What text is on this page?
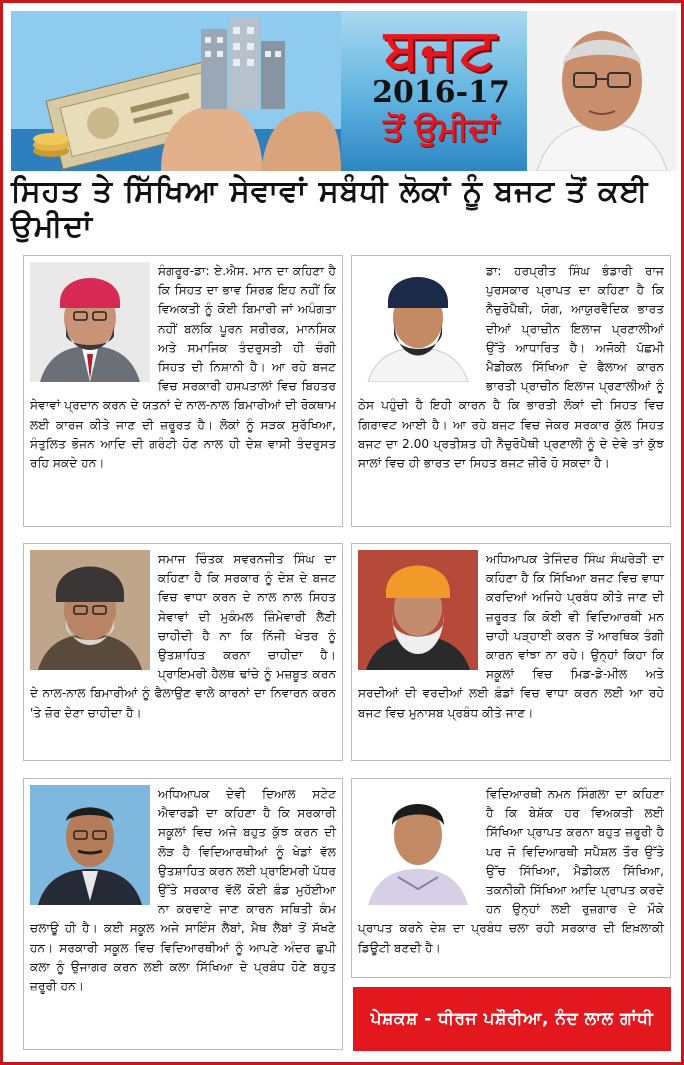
ਬਜਟ
2016-17
ਤੋਂ ਉਮੀਦਾਂ
ਸਿਹਤ ਤੇ ਸਿੱਖਿਆ ਸੇਵਾਵਾਂ ਸਬੰਧੀ ਲੋਕਾਂ ਨੂੰ ਬਜਟ ਤੋਂ ਕਈ ਉਮੀਦਾਂ
ਸੰਗਰੂਰ-ਡਾ: ਏ.ਐਸ. ਮਾਨ ਦਾ ਕਹਿਣਾ ਹੈ ਕਿ ਸਿਹਤ ਦਾ ਭਾਵ ਸਿਰਫ਼ ਇਹ ਨਹੀਂ ਕਿ ਵਿਅਕਤੀ ਨੂੰ ਕੋਈ ਬਿਮਾਰੀ ਜਾਂ ਅਪੰਗਤਾ ਨਹੀਂ ਬਲਕਿ ਪੂਰਨ ਸਰੀਰਕ, ਮਾਨਸਿਕ ਅਤੇ ਸਮਾਜਿਕ ਤੰਦਰੁਸਤੀ ਹੀ ਚੰਗੀ ਸਿਹਤ ਦੀ ਨਿਸ਼ਾਨੀ ਹੈ। ਆ ਰਹੇ ਬਜਟ ਵਿਚ ਸਰਕਾਰੀ ਹਸਪਤਾਲਾਂ ਵਿਚ ਬਿਹਤਰ ਸੇਵਾਵਾਂ ਪ੍ਰਦਾਨ ਕਰਨ ਦੇ ਯਤਨਾਂ ਦੇ ਨਾਲ-ਨਾਲ ਬਿਮਾਰੀਆਂ ਦੀ ਰੋਕਥਾਮ ਲਈ ਕਾਰਜ ਕੀਤੇ ਜਾਣ ਦੀ ਜ਼ਰੂਰਤ ਹੈ। ਲੋਕਾਂ ਨੂੰ ਸੜਕ ਸੁਰੱਖਿਆ, ਸੰਤੁਲਿਤ ਭੋਜਨ ਆਦਿ ਦੀ ਗਰੰਟੀ ਹੋਣ ਨਾਲ ਹੀ ਦੇਸ਼ ਵਾਸੀ ਤੰਦਰੁਸਤ ਰਹਿ ਸਕਦੇ ਹਨ।
ਡਾ: ਹਰਪ੍ਰੀਤ ਸਿੰਘ ਭੰਡਾਰੀ ਰਾਜ ਪੁਰਸਕਾਰ ਪ੍ਰਾਪਤ ਦਾ ਕਹਿਣਾ ਹੈ ਕਿ ਨੈਚੁਰੋਪੈਥੀ, ਯੋਗ, ਆਯੁਰਵੈਦਿਕ ਭਾਰਤ ਦੀਆਂ ਪ੍ਰਾਚੀਨ ਇਲਾਜ ਪ੍ਰਣਾਲੀਆਂ ਉੱਤੇ ਆਧਾਰਿਤ ਹੈ। ਅਜੋਕੀ ਪੱਛਮੀ ਮੈਡੀਕਲ ਸਿੱਖਿਆ ਦੇ ਫੈਲਾਅ ਕਾਰਨ ਭਾਰਤੀ ਪ੍ਰਾਚੀਨ ਇਲਾਜ ਪ੍ਰਣਾਲੀਆਂ ਨੂੰ ਠੇਸ ਪਹੁੰਚੀ ਹੈ ਇਹੀ ਕਾਰਨ ਹੈ ਕਿ ਭਾਰਤੀ ਲੋਕਾਂ ਦੀ ਸਿਹਤ ਵਿਚ ਗਿਰਾਵਟ ਆਈ ਹੈ। ਆ ਰਹੇ ਬਜਟ ਵਿਚ ਜੇਕਰ ਸਰਕਾਰ ਕੁੱਲ ਸਿਹਤ ਬਜਟ ਦਾ 2.00 ਪ੍ਰਤੀਸ਼ਤ ਹੀ ਨੈਚੁਰੋਪੈਥੀ ਪ੍ਰਣਾਲੀ ਨੂੰ ਦੇ ਦੇਵੇ ਤਾਂ ਕੁੱਝ ਸਾਲਾਂ ਵਿਚ ਹੀ ਭਾਰਤ ਦਾ ਸਿਹਤ ਬਜਟ ਜ਼ੀਰੋ ਹੋ ਸਕਦਾ ਹੈ।
ਸਮਾਜ ਚਿੰਤਕ ਸਵਰਨਜੀਤ ਸਿੰਘ ਦਾ ਕਹਿਣਾ ਹੈ ਕਿ ਸਰਕਾਰ ਨੂੰ ਦੇਸ਼ ਦੇ ਬਜਟ ਵਿਚ ਵਾਧਾ ਕਰਨ ਦੇ ਨਾਲ ਨਾਲ ਸਿਹਤ ਸੇਵਾਵਾਂ ਦੀ ਮੁਕੰਮਲ ਜ਼ਿੰਮੇਵਾਰੀ ਲੈਣੀ ਚਾਹੀਦੀ ਹੈ ਨਾ ਕਿ ਨਿੱਜੀ ਖੇਤਰ ਨੂੰ ਉਤਸ਼ਾਹਿਤ ਕਰਨਾ ਚਾਹੀਦਾ ਹੈ। ਪ੍ਰਾਇਮਰੀ ਹੈਲਥ ਢਾਂਚੇ ਨੂੰ ਮਜ਼ਬੂਤ ਕਰਨ ਦੇ ਨਾਲ-ਨਾਲ ਬਿਮਾਰੀਆਂ ਨੂੰ ਫੈਲਾਉਣ ਵਾਲੇ ਕਾਰਨਾਂ ਦਾ ਨਿਵਾਰਨ ਕਰਨ 'ਤੇ ਜ਼ੋਰ ਦੇਣਾ ਚਾਹੀਦਾ ਹੈ।
ਅਧਿਆਪਕ ਤੇਜਿੰਦਰ ਸਿੰਘ ਸੰਘਰੇੜੀ ਦਾ ਕਹਿਣਾ ਹੈ ਕਿ ਸਿੱਖਿਆ ਬਜਟ ਵਿਚ ਵਾਧਾ ਕਰਦਿਆਂ ਅਜਿਹੇ ਪ੍ਰਬੰਧ ਕੀਤੇ ਜਾਣ ਦੀ ਜ਼ਰੂਰਤ ਕਿ ਕੋਈ ਵੀ ਵਿਦਿਆਰਥੀ ਮਨ ਚਾਹੀ ਪੜ੍ਹਾਈ ਕਰਨ ਤੋਂ ਆਰਥਿਕ ਤੰਗੀ ਕਾਰਨ ਵਾਂਝਾ ਨਾ ਰਹੇ। ਉਨ੍ਹਾਂ ਕਿਹਾ ਕਿ ਸਕੂਲਾਂ ਵਿਚ ਮਿਡ-ਡੇ-ਮੀਲ ਅਤੇ ਸਰਦੀਆਂ ਦੀ ਵਰਦੀਆਂ ਲਈ ਫ਼ੰਡਾਂ ਵਿਚ ਵਾਧਾ ਕਰਨ ਲਈ ਆ ਰਹੇ ਬਜਟ ਵਿਚ ਮੁਨਾਸਬ ਪ੍ਰਬੰਧ ਕੀਤੇ ਜਾਣ।
ਅਧਿਆਪਕ ਦੇਵੀ ਦਿਆਲ ਸਟੇਟ ਐਵਾਰਡੀ ਦਾ ਕਹਿਣਾ ਹੈ ਕਿ ਸਰਕਾਰੀ ਸਕੂਲਾਂ ਵਿਚ ਅਜੇ ਬਹੁਤ ਕੁੱਝ ਕਰਨ ਦੀ ਲੋੜ ਹੈ ਵਿਦਿਆਰਥੀਆਂ ਨੂੰ ਖੇਡਾਂ ਵੱਲ ਉਤਸ਼ਾਹਿਤ ਕਰਨ ਲਈ ਪ੍ਰਾਇਮਰੀ ਪੱਧਰ ਉੱਤੇ ਸਰਕਾਰ ਵੱਲੋਂ ਕੋਈ ਫ਼ੰਡ ਮੁਹੱਈਆ ਨਾ ਕਰਵਾਏ ਜਾਣ ਕਾਰਨ ਸਥਿਤੀ ਕੰਮ ਚਲਾਊ ਹੀ ਹੈ। ਕਈ ਸਕੂਲ ਅਜੇ ਸਾਇੰਸ ਲੈਬਾਂ, ਮੈਥ ਲੈਬਾਂ ਤੋਂ ਸੱਖਣੇ ਹਨ। ਸਰਕਾਰੀ ਸਕੂਲ ਵਿਚ ਵਿਦਿਆਰਥੀਆਂ ਨੂੰ ਆਪਣੇ ਅੰਦਰ ਛੁਪੀ ਕਲਾ ਨੂੰ ਉਜਾਗਰ ਕਰਨ ਲਈ ਕਲਾ ਸਿੱਖਿਆ ਦੇ ਪ੍ਰਬੰਧ ਹੋਣੇ ਬਹੁਤ ਜ਼ਰੂਰੀ ਹਨ।
ਵਿਦਿਆਰਥੀ ਨਮਨ ਸਿੰਗਲਾ ਦਾ ਕਹਿਣਾ ਹੈ ਕਿ ਬੇਸ਼ੱਕ ਹਰ ਵਿਅਕਤੀ ਲਈ ਸਿੱਖਿਆ ਪ੍ਰਾਪਤ ਕਰਨਾ ਬਹੁਤ ਜ਼ਰੂਰੀ ਹੈ ਪਰ ਜੋ ਵਿਦਿਆਰਥੀ ਸਪੈਸ਼ਲ ਤੌਰ ਉੱਤੇ ਉੱਚ ਸਿੱਖਿਆ, ਮੈਡੀਕਲ ਸਿੱਖਿਆ, ਤਕਨੀਕੀ ਸਿੱਖਿਆ ਆਦਿ ਪ੍ਰਾਪਤ ਕਰਦੇ ਹਨ ਉਨ੍ਹਾਂ ਲਈ ਰੁਜ਼ਗਾਰ ਦੇ ਮੌਕੇ ਪ੍ਰਾਪਤ ਕਰਨੇ ਦੇਸ਼ ਦਾ ਪ੍ਰਬੰਧ ਚਲਾ ਰਹੀ ਸਰਕਾਰ ਦੀ ਇਖ਼ਲਾਕੀ ਡਿਊਟੀ ਬਣਦੀ ਹੈ।
ਪੇਸ਼ਕਸ਼ - ਧੀਰਜ ਪਸ਼ੌਰੀਆ, ਨੰਦ ਲਾਲ ਗਾਂਧੀ
